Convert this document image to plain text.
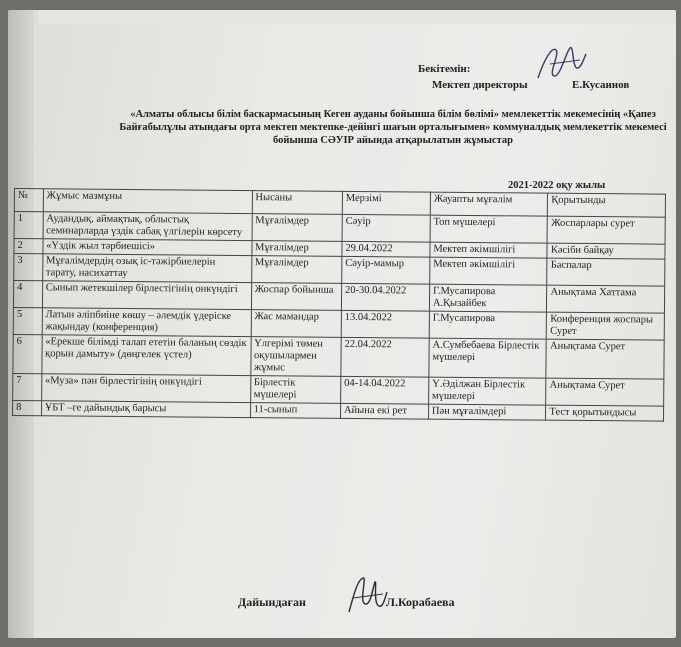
Бекітемін:
Мектеп директоры	Е.Кусаинов
«Алматы облысы білім баскармасының Кеген ауданы бойынша білім бөлімі» мемлекеттік мекемесінің «Қапез Байғабылұлы атындағы орта мектеп мектепке-дейінгі шағын орталығымен» коммуналдық мемлекеттік мекемесі бойынша СӘУІР айында атқарылатын жұмыстар
2021-2022 оқу жылы
№	Жұмыс мазмұны	Нысаны	Мерзімі	Жауапты мұғалім	Қорытынды
1	Аудандық, аймақтық, облыстық семинарларда үздік сабақ үлгілерін көрсету	Мұғалімдер	Сәуір	Топ мүшелері	Жоспарлары сурет
2	«Үздік жыл тәрбиешісі»	Мұғалімдер	29.04.2022	Мектеп әкімшілігі	Кәсіби байқау
3	Мұғалімдердің озық іс-тәжірбиелерін тарату, насихаттау	Мұғалімдер	Сәуір-мамыр	Мектеп әкімшілігі	Баспалар
4	Сынып жетекшілер бірлестігінің онкүндігі	Жоспар бойынша	20-30.04.2022	Г.Мусапирова А.Қызайбек	Анықтама Хаттама
5	Латын әліпбиіне көшу – әлемдік үдеріске жақындау (конференция)	Жас мамандар	13.04.2022	Г.Мусапирова	Конференция жоспары Сурет
6	«Ерекше білімді талап ететін баланың сөздік қорын дамыту» (дөңгелек үстел)	Үлгерімі төмен оқушылармен жұмыс	22.04.2022	А.Сумбебаева Бірлестік мүшелері	Анықтама Сурет
7	«Муза» пән бірлестігінің онкүндігі	Бірлестік мүшелері	04-14.04.2022	Ү.Әділжан Бірлестік мүшелері	Анықтама Сурет
8	ҰБТ –ге дайындық барысы	11-сынып	Айына екі рет	Пән мұғалімдері	Тест қорытындысы
Дайындаған	Л.Корабаева
